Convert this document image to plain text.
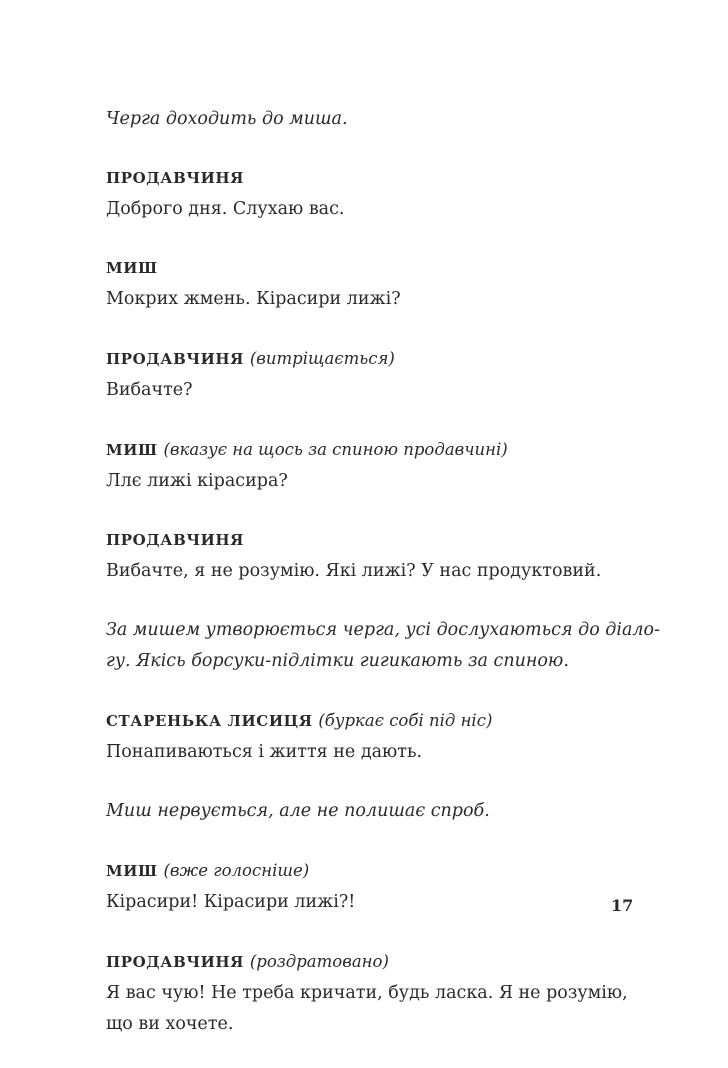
Черга доходить до миша.
ПРОДАВЧИНЯ
Доброго дня. Слухаю вас.
МИШ
Мокрих жмень. Кірасири лижі?
ПРОДАВЧИНЯ (витріщається)
Вибачте?
МИШ (вказує на щось за спиною продавчині)
Ллє лижі кірасира?
ПРОДАВЧИНЯ
Вибачте, я не розумію. Які лижі? У нас продуктовий.
За мишем утворюється черга, усі дослухаються до діало-
гу. Якісь борсуки-підлітки гигикають за спиною.
СТАРЕНЬКА ЛИСИЦЯ (буркає собі під ніс)
Понапиваються і життя не дають.
Миш нервується, але не полишає спроб.
МИШ (вже голосніше)
Кірасири! Кірасири лижі?!
ПРОДАВЧИНЯ (роздратовано)
Я вас чую! Не треба кричати, будь ласка. Я не розумію,
що ви хочете.
17
